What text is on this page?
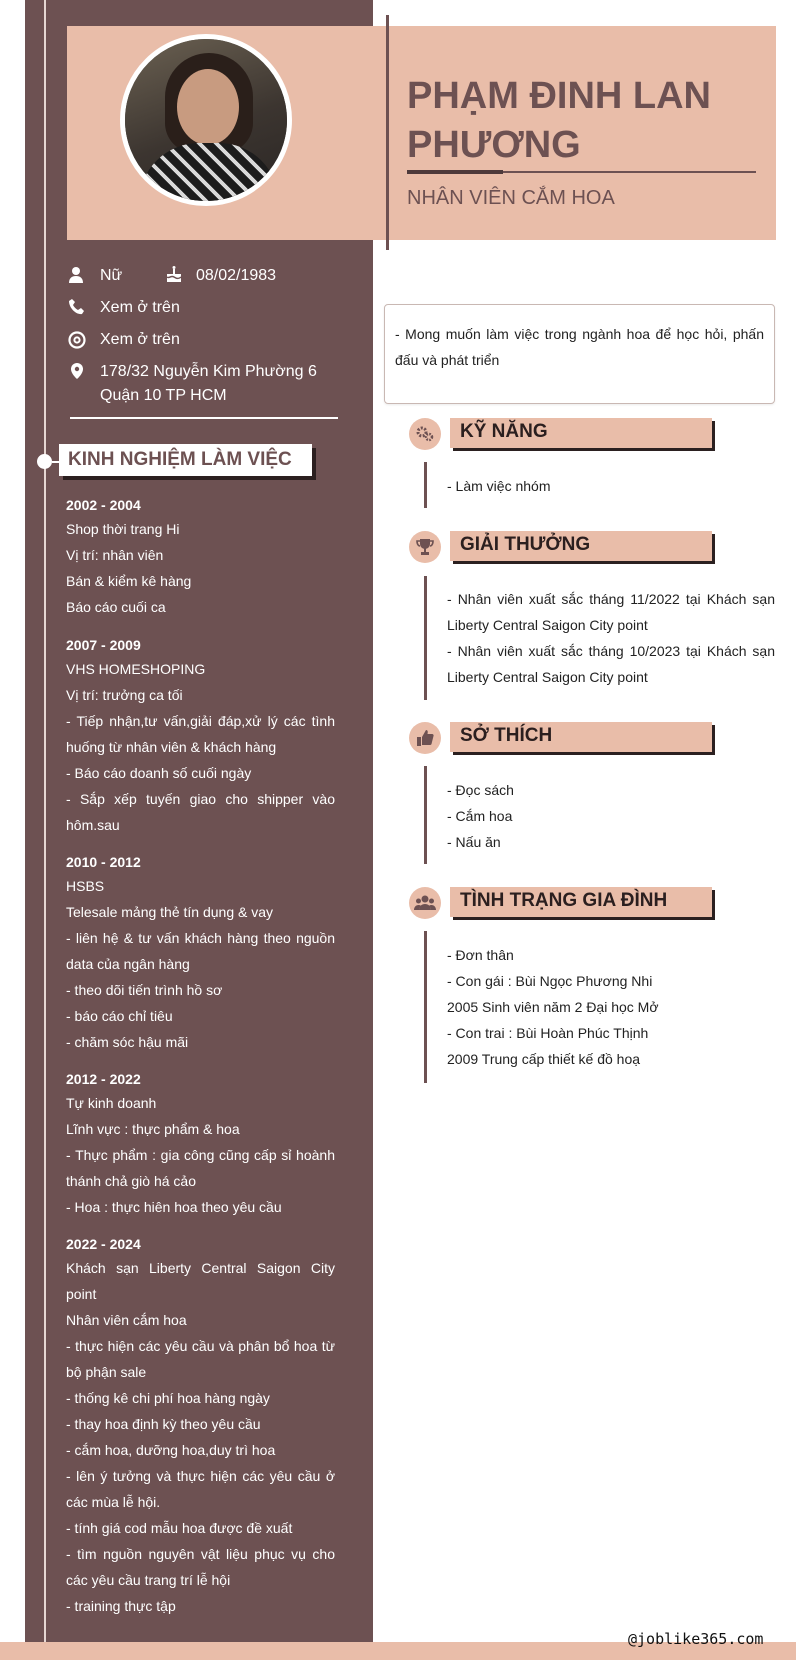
PHẠM ĐINH LAN PHƯƠNG
NHÂN VIÊN CẮM HOA
Nữ	08/02/1983
Xem ở trên
Xem ở trên
178/32 Nguyễn Kim Phường 6
Quận 10 TP HCM
KINH NGHIỆM LÀM VIỆC
2002 - 2004
Shop thời trang Hi
Vị trí: nhân viên
Bán & kiểm kê hàng
Báo cáo cuối ca
2007 - 2009
VHS HOMESHOPING
Vị trí: trưởng ca tối
- Tiếp nhận,tư vấn,giải đáp,xử lý các tình huống từ nhân viên & khách hàng
- Báo cáo doanh số cuối ngày
- Sắp xếp tuyến giao cho shipper vào hôm.sau
2010 - 2012
HSBS
Telesale mảng thẻ tín dụng & vay
- liên hệ & tư vấn khách hàng theo nguồn data của ngân hàng
- theo dõi tiến trình hồ sơ
- báo cáo chỉ tiêu
- chăm sóc hậu mãi
2012 - 2022
Tự kinh doanh
Lĩnh vực : thực phẩm & hoa
- Thực phẩm : gia công cũng cấp sỉ hoành thánh chả giò há cảo
- Hoa : thực hiên hoa theo yêu cầu
2022 - 2024
Khách sạn Liberty Central Saigon City point
Nhân viên cắm hoa
- thực hiện các yêu cầu và phân bổ hoa từ bộ phận sale
- thống kê chi phí hoa hàng ngày
- thay hoa định kỳ theo yêu cầu
- cắm hoa, dưỡng hoa,duy trì hoa
- lên ý tưởng và thực hiện các yêu cầu ở các mùa lễ hội.
- tính giá cod mẫu hoa được đề xuất
- tìm nguồn nguyên vật liệu phục vụ cho các yêu cầu trang trí lễ hội
- training thực tập
- Mong muốn làm việc trong ngành hoa để học hỏi, phấn đấu và phát triển
KỸ NĂNG
- Làm việc nhóm
GIẢI THƯỞNG
- Nhân viên xuất sắc tháng 11/2022 tại Khách sạn Liberty Central Saigon City point
- Nhân viên xuất sắc tháng 10/2023 tại Khách sạn Liberty Central Saigon City point
SỞ THÍCH
- Đọc sách
- Cắm hoa
- Nấu ăn
TÌNH TRẠNG GIA ĐÌNH
- Đơn thân
- Con gái : Bùi Ngọc Phương Nhi
2005 Sinh viên năm 2 Đại học Mở
- Con trai : Bùi Hoàn Phúc Thịnh
2009 Trung cấp thiết kế đồ hoạ
@joblike365.com
